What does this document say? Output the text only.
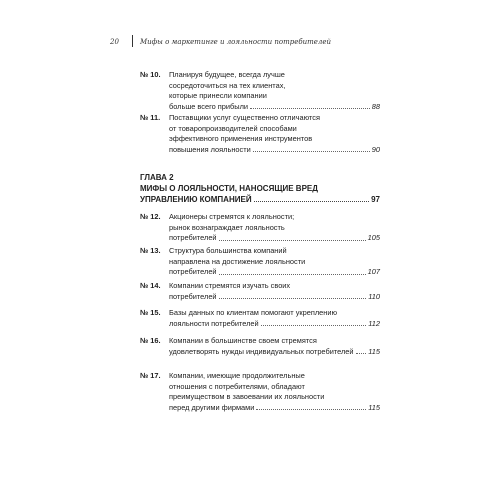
20	Мифы о маркетинге и лояльности потребителей
№ 10. Планируя будущее, всегда лучше
сосредоточиться на тех клиентах,
которые принесли компании
больше всего прибыли	88
№ 11. Поставщики услуг существенно отличаются
от товаропроизводителей способами
эффективного применения инструментов
повышения лояльности	90
ГЛАВА 2
МИФЫ О ЛОЯЛЬНОСТИ, НАНОСЯЩИЕ ВРЕД
УПРАВЛЕНИЮ КОМПАНИЕЙ	97
№ 12. Акционеры стремятся к лояльности;
рынок вознаграждает лояльность
потребителей	105
№ 13. Структура большинства компаний
направлена на достижение лояльности
потребителей	107
№ 14. Компании стремятся изучать своих
потребителей	110
№ 15. Базы данных по клиентам помогают укреплению
лояльности потребителей	112
№ 16. Компании в большинстве своем стремятся
удовлетворять нужды индивидуальных потребителей 115
№ 17. Компании, имеющие продолжительные
отношения с потребителями, обладают
преимуществом в завоевании их лояльности
перед другими фирмами	115
